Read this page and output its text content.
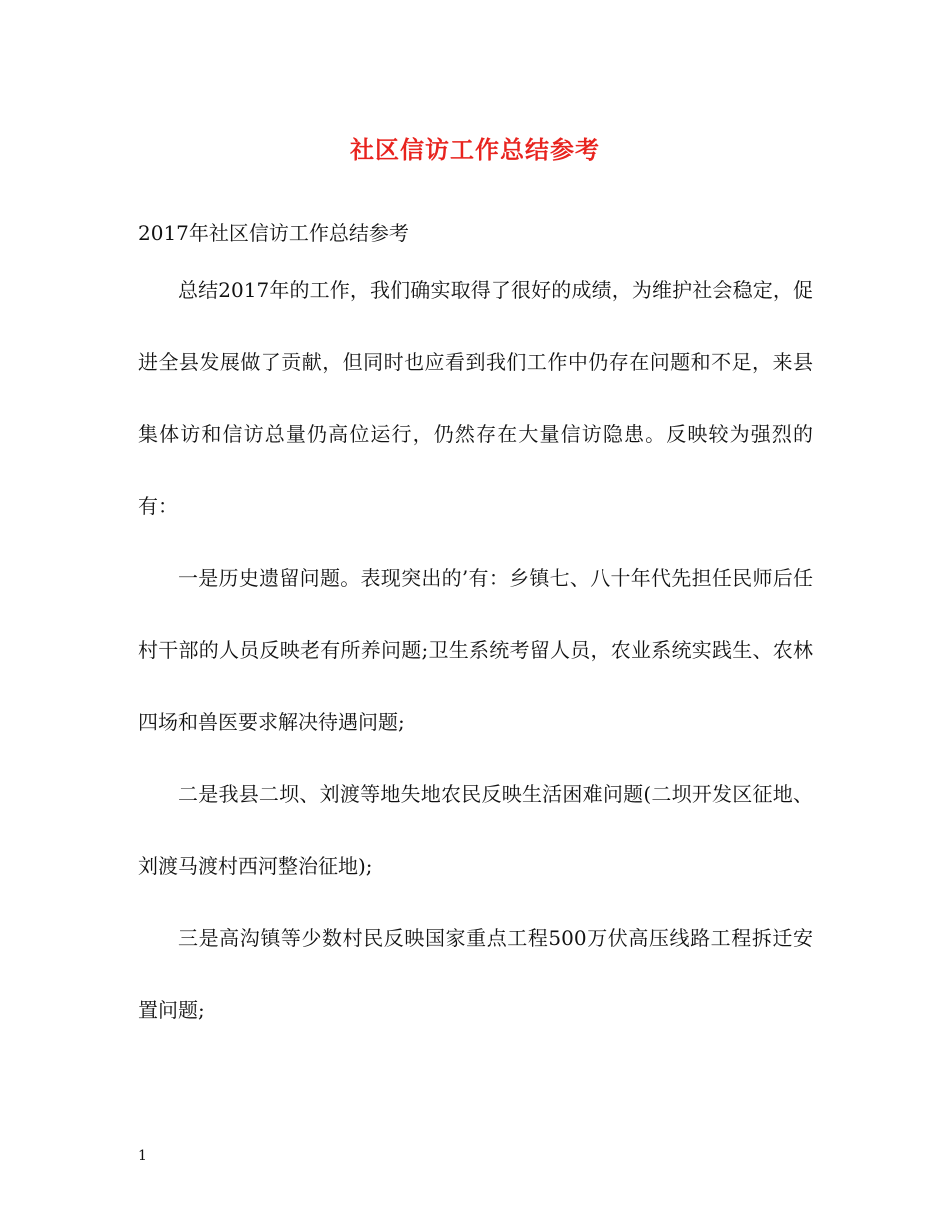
社区信访工作总结参考

2017年社区信访工作总结参考

总结2017年的工作，我们确实取得了很好的成绩，为维护社会稳定，促进全县发展做了贡献，但同时也应看到我们工作中仍存在问题和不足，来县集体访和信访总量仍高位运行，仍然存在大量信访隐患。反映较为强烈的有：

一是历史遗留问题。表现突出的’有：乡镇七、八十年代先担任民师后任村干部的人员反映老有所养问题;卫生系统考留人员，农业系统实践生、农林四场和兽医要求解决待遇问题;

二是我县二坝、刘渡等地失地农民反映生活困难问题(二坝开发区征地、刘渡马渡村西河整治征地);

三是高沟镇等少数村民反映国家重点工程500万伏高压线路工程拆迁安置问题;

1
